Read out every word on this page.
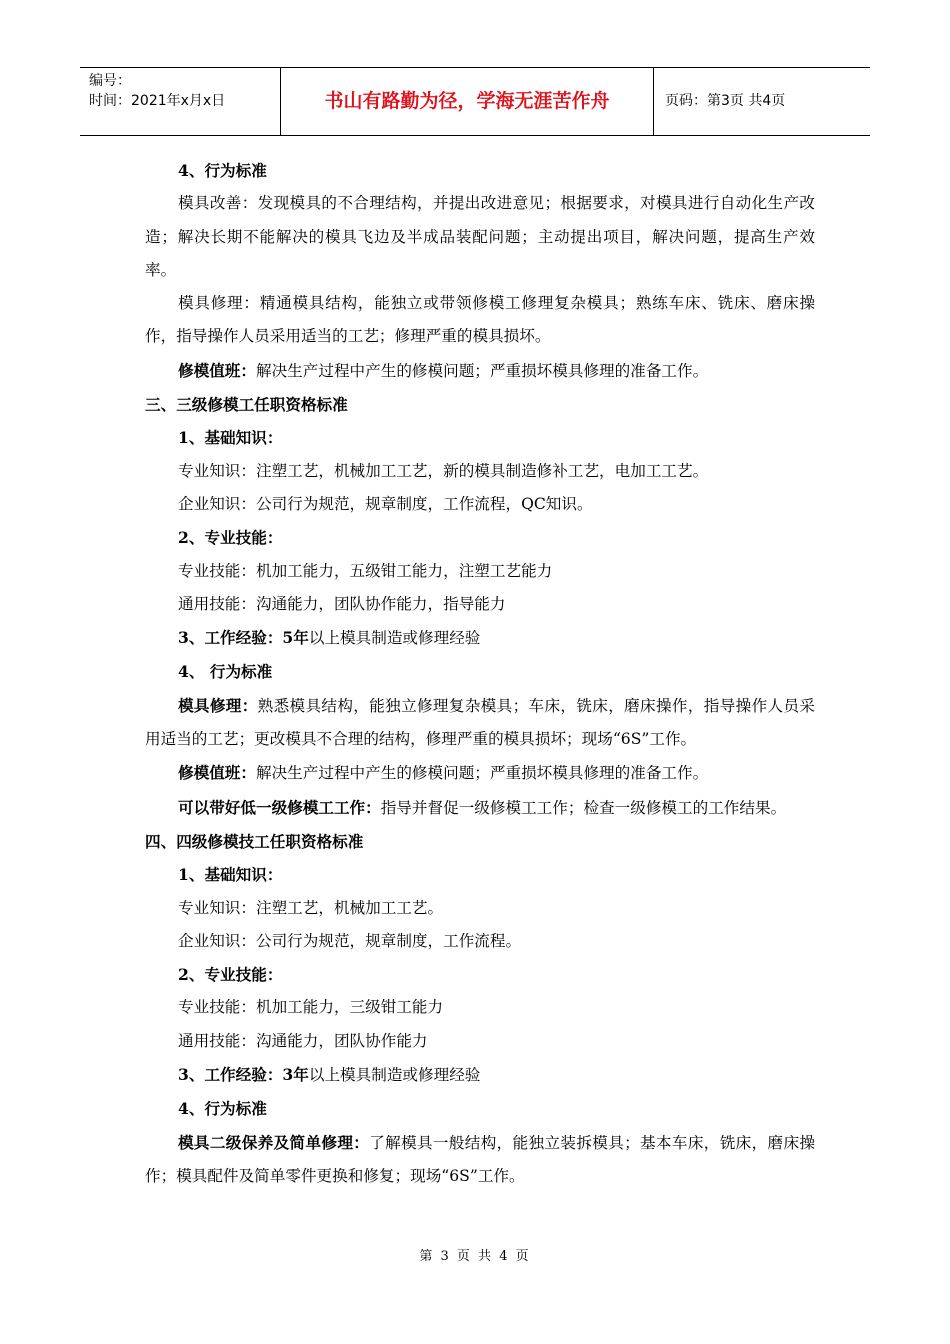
编号：
时间：2021年x月x日	书山有路勤为径，学海无涯苦作舟	页码：第3页 共4页

4、行为标准

模具改善：发现模具的不合理结构，并提出改进意见；根据要求，对模具进行自动化生产改造；解决长期不能解决的模具飞边及半成品装配问题；主动提出项目，解决问题，提高生产效率。

模具修理：精通模具结构，能独立或带领修模工修理复杂模具；熟练车床、铣床、磨床操作，指导操作人员采用适当的工艺；修理严重的模具损坏。

修模值班：解决生产过程中产生的修模问题；严重损坏模具修理的准备工作。

三、三级修模工任职资格标准

1、基础知识：

专业知识：注塑工艺，机械加工工艺，新的模具制造修补工艺，电加工工艺。

企业知识：公司行为规范，规章制度，工作流程，QC知识。

2、专业技能：

专业技能：机加工能力，五级钳工能力，注塑工艺能力

通用技能：沟通能力，团队协作能力，指导能力

3、工作经验：5年以上模具制造或修理经验

4、 行为标准

模具修理：熟悉模具结构，能独立修理复杂模具；车床，铣床，磨床操作，指导操作人员采用适当的工艺；更改模具不合理的结构，修理严重的模具损坏；现场“6S”工作。

修模值班：解决生产过程中产生的修模问题；严重损坏模具修理的准备工作。

可以带好低一级修模工工作：指导并督促一级修模工工作；检查一级修模工的工作结果。

四、四级修模技工任职资格标准

1、基础知识：

专业知识：注塑工艺，机械加工工艺。

企业知识：公司行为规范，规章制度，工作流程。

2、专业技能：

专业技能：机加工能力，三级钳工能力

通用技能：沟通能力，团队协作能力

3、工作经验：3年以上模具制造或修理经验

4、行为标准

模具二级保养及简单修理：了解模具一般结构，能独立装拆模具；基本车床，铣床，磨床操作；模具配件及简单零件更换和修复；现场“6S”工作。

第 3 页 共 4 页
